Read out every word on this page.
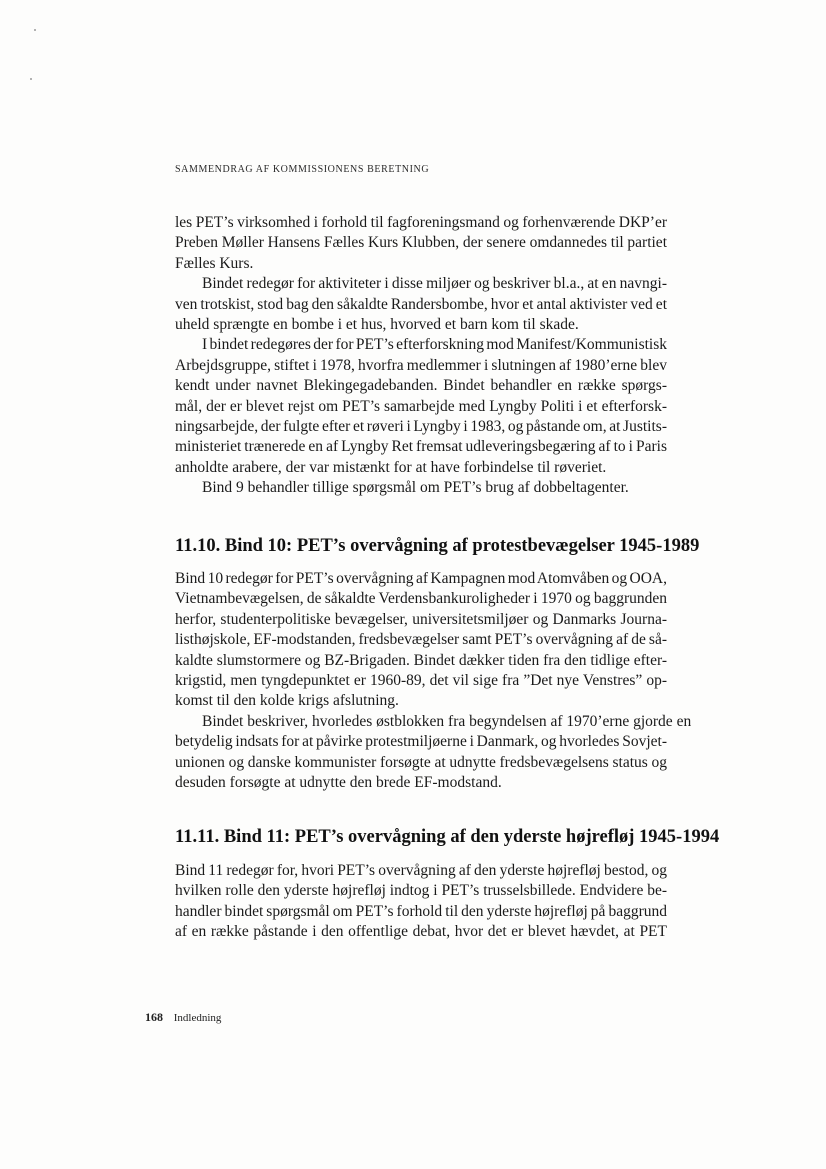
SAMMENDRAG AF KOMMISSIONENS BERETNING
les PET’s virksomhed i forhold til fagforeningsmand og forhenværende DKP’er
Preben Møller Hansens Fælles Kurs Klubben, der senere omdannedes til partiet
Fælles Kurs.
Bindet redegør for aktiviteter i disse miljøer og beskriver bl.a., at en navngi-
ven trotskist, stod bag den såkaldte Randersbombe, hvor et antal aktivister ved et
uheld sprængte en bombe i et hus, hvorved et barn kom til skade.
I bindet redegøres der for PET’s efterforskning mod Manifest/Kommunistisk
Arbejdsgruppe, stiftet i 1978, hvorfra medlemmer i slutningen af 1980’erne blev
kendt under navnet Blekingegadebanden. Bindet behandler en række spørgs-
mål, der er blevet rejst om PET’s samarbejde med Lyngby Politi i et efterforsk-
ningsarbejde, der fulgte efter et røveri i Lyngby i 1983, og påstande om, at Justits-
ministeriet trænerede en af Lyngby Ret fremsat udleveringsbegæring af to i Paris
anholdte arabere, der var mistænkt for at have forbindelse til røveriet.
Bind 9 behandler tillige spørgsmål om PET’s brug af dobbeltagenter.
11.10. Bind 10: PET’s overvågning af protestbevægelser 1945-1989
Bind 10 redegør for PET’s overvågning af Kampagnen mod Atomvåben og OOA,
Vietnambevægelsen, de såkaldte Verdensbankuroligheder i 1970 og baggrunden
herfor, studenterpolitiske bevægelser, universitetsmiljøer og Danmarks Journa-
listhøjskole, EF-modstanden, fredsbevægelser samt PET’s overvågning af de så-
kaldte slumstormere og BZ-Brigaden. Bindet dækker tiden fra den tidlige efter-
krigstid, men tyngdepunktet er 1960-89, det vil sige fra ”Det nye Venstres” op-
komst til den kolde krigs afslutning.
Bindet beskriver, hvorledes østblokken fra begyndelsen af 1970’erne gjorde en
betydelig indsats for at påvirke protestmiljøerne i Danmark, og hvorledes Sovjet-
unionen og danske kommunister forsøgte at udnytte fredsbevægelsens status og
desuden forsøgte at udnytte den brede EF-modstand.
11.11. Bind 11: PET’s overvågning af den yderste højrefløj 1945-1994
Bind 11 redegør for, hvori PET’s overvågning af den yderste højrefløj bestod, og
hvilken rolle den yderste højrefløj indtog i PET’s trusselsbillede. Endvidere be-
handler bindet spørgsmål om PET’s forhold til den yderste højrefløj på baggrund
af en række påstande i den offentlige debat, hvor det er blevet hævdet, at PET
168 Indledning
